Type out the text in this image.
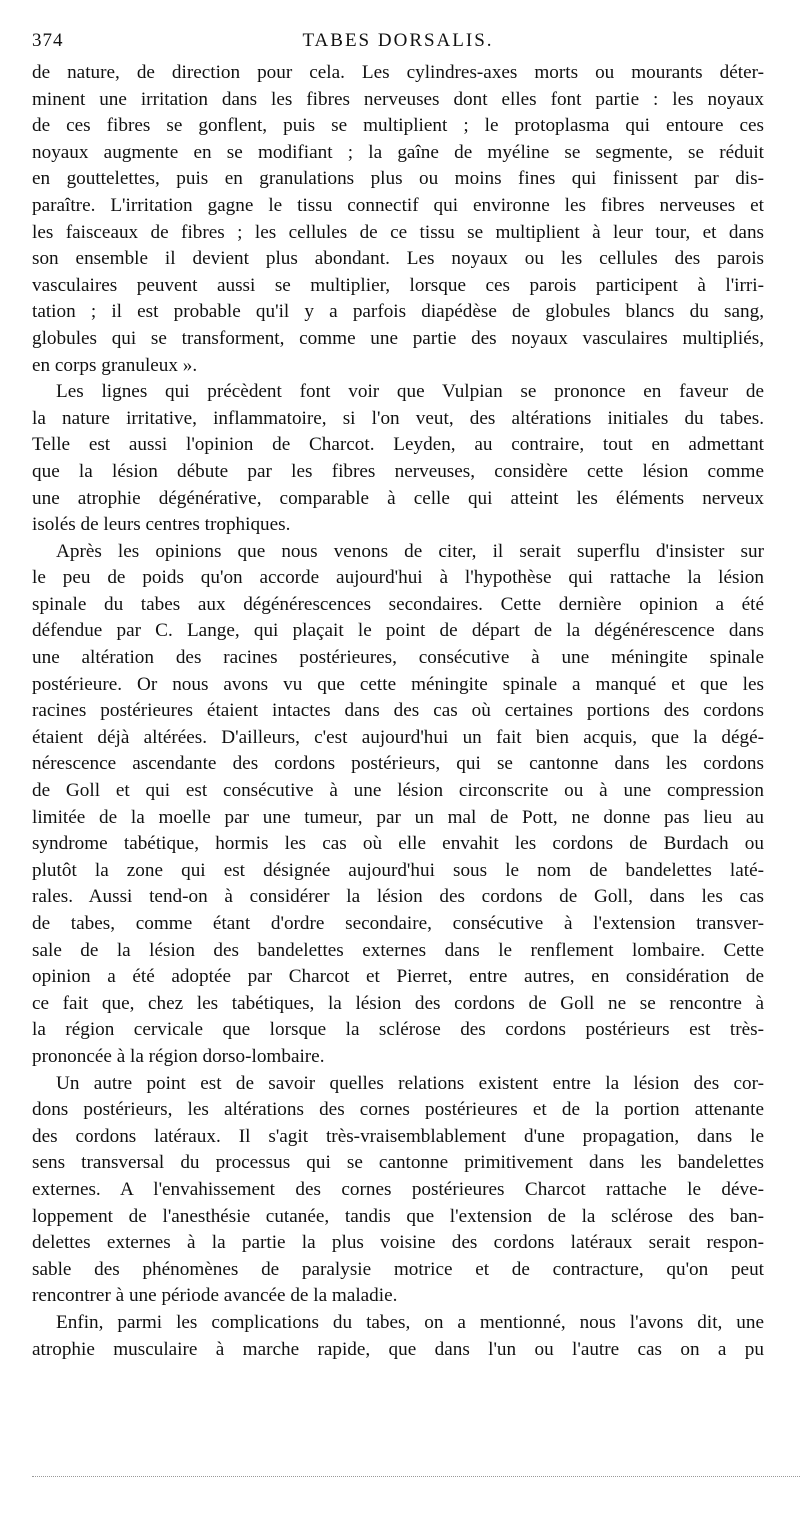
374	TABES DORSALIS.

de nature, de direction pour cela. Les cylindres-axes morts ou mourants déter-

minent une irritation dans les fibres nerveuses dont elles font partie : les noyaux

de ces fibres se gonflent, puis se multiplient ; le protoplasma qui entoure ces

noyaux augmente en se modifiant ; la gaîne de myéline se segmente, se réduit

en gouttelettes, puis en granulations plus ou moins fines qui finissent par dis-

paraître. L'irritation gagne le tissu connectif qui environne les fibres nerveuses et

les faisceaux de fibres ; les cellules de ce tissu se multiplient à leur tour, et dans

son ensemble il devient plus abondant. Les noyaux ou les cellules des parois

vasculaires peuvent aussi se multiplier, lorsque ces parois participent à l'irri-

tation ; il est probable qu'il y a parfois diapédèse de globules blancs du sang,

globules qui se transforment, comme une partie des noyaux vasculaires multipliés,

en corps granuleux ».

Les lignes qui précèdent font voir que Vulpian se prononce en faveur de

la nature irritative, inflammatoire, si l'on veut, des altérations initiales du tabes.

Telle est aussi l'opinion de Charcot. Leyden, au contraire, tout en admettant

que la lésion débute par les fibres nerveuses, considère cette lésion comme

une atrophie dégénérative, comparable à celle qui atteint les éléments nerveux

isolés de leurs centres trophiques.

Après les opinions que nous venons de citer, il serait superflu d'insister sur

le peu de poids qu'on accorde aujourd'hui à l'hypothèse qui rattache la lésion

spinale du tabes aux dégénérescences secondaires. Cette dernière opinion a été

défendue par C. Lange, qui plaçait le point de départ de la dégénérescence dans

une altération des racines postérieures, consécutive à une méningite spinale

postérieure. Or nous avons vu que cette méningite spinale a manqué et que les

racines postérieures étaient intactes dans des cas où certaines portions des cordons

étaient déjà altérées. D'ailleurs, c'est aujourd'hui un fait bien acquis, que la dégé-

nérescence ascendante des cordons postérieurs, qui se cantonne dans les cordons

de Goll et qui est consécutive à une lésion circonscrite ou à une compression

limitée de la moelle par une tumeur, par un mal de Pott, ne donne pas lieu au

syndrome tabétique, hormis les cas où elle envahit les cordons de Burdach ou

plutôt la zone qui est désignée aujourd'hui sous le nom de bandelettes laté-

rales. Aussi tend-on à considérer la lésion des cordons de Goll, dans les cas

de tabes, comme étant d'ordre secondaire, consécutive à l'extension transver-

sale de la lésion des bandelettes externes dans le renflement lombaire. Cette

opinion a été adoptée par Charcot et Pierret, entre autres, en considération de

ce fait que, chez les tabétiques, la lésion des cordons de Goll ne se rencontre à

la région cervicale que lorsque la sclérose des cordons postérieurs est très-

prononcée à la région dorso-lombaire.

Un autre point est de savoir quelles relations existent entre la lésion des cor-

dons postérieurs, les altérations des cornes postérieures et de la portion attenante

des cordons latéraux. Il s'agit très-vraisemblablement d'une propagation, dans le

sens transversal du processus qui se cantonne primitivement dans les bandelettes

externes. A l'envahissement des cornes postérieures Charcot rattache le déve-

loppement de l'anesthésie cutanée, tandis que l'extension de la sclérose des ban-

delettes externes à la partie la plus voisine des cordons latéraux serait respon-

sable des phénomènes de paralysie motrice et de contracture, qu'on peut

rencontrer à une période avancée de la maladie.

Enfin, parmi les complications du tabes, on a mentionné, nous l'avons dit, une

atrophie musculaire à marche rapide, que dans l'un ou l'autre cas on a pu
